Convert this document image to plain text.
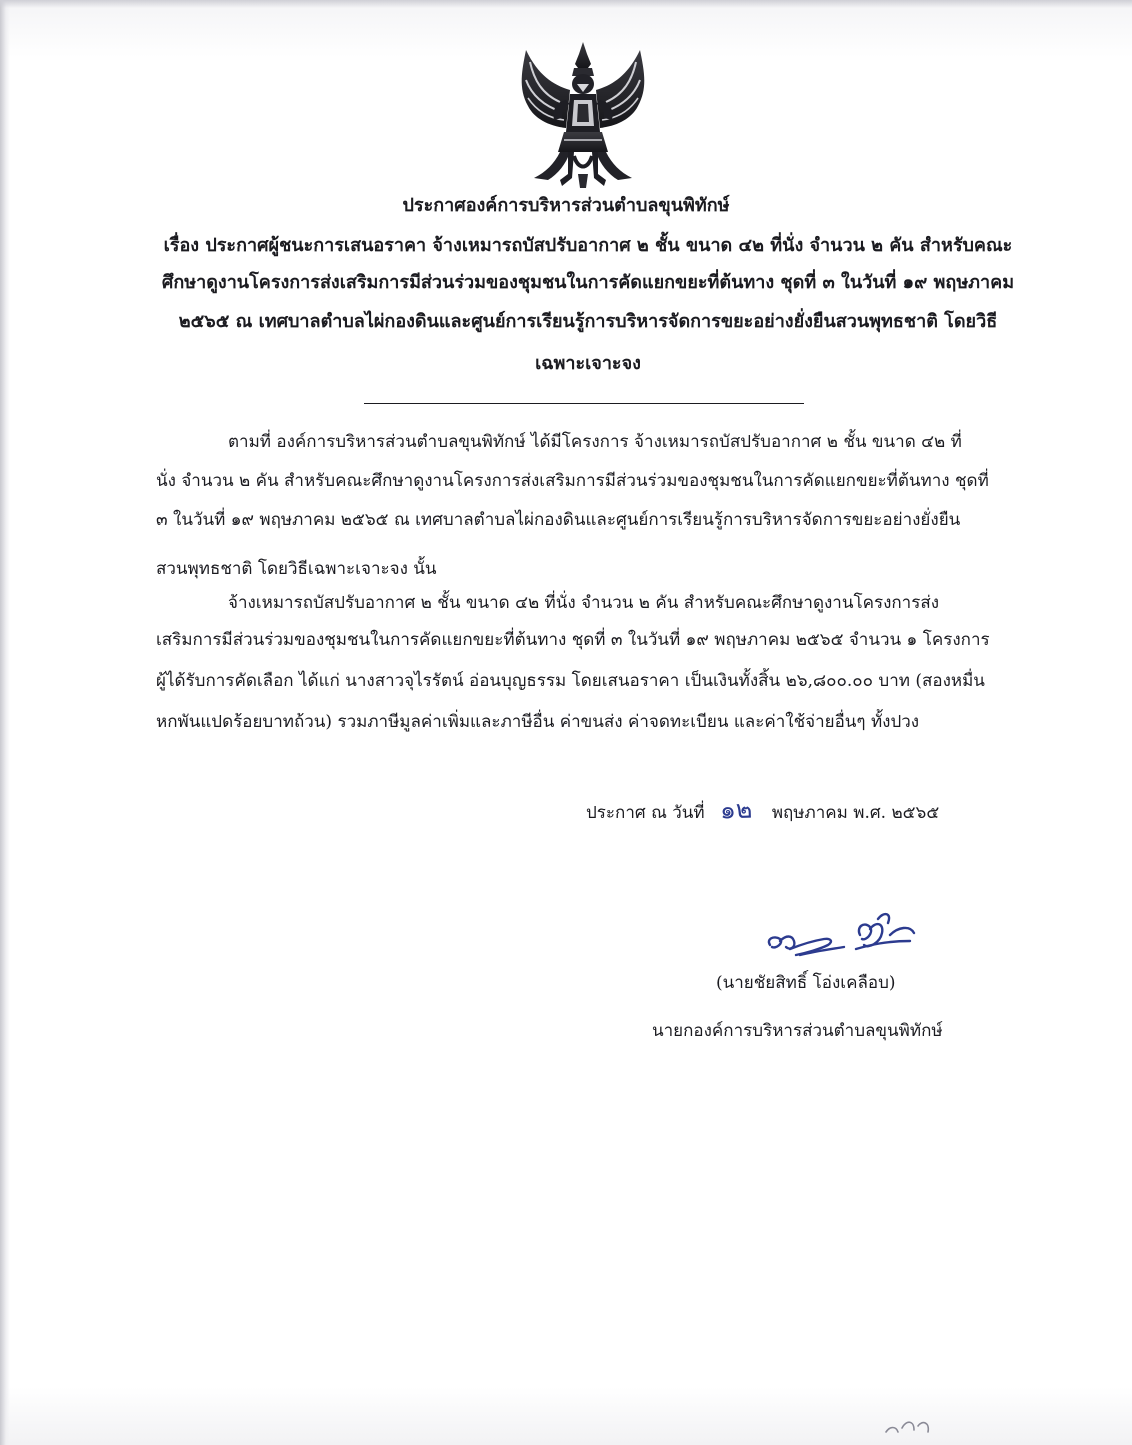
ประกาศองค์การบริหารส่วนตำบลขุนพิทักษ์
เรื่อง ประกาศผู้ชนะการเสนอราคา จ้างเหมารถบัสปรับอากาศ ๒ ชั้น ขนาด ๔๒ ที่นั่ง จำนวน ๒ คัน สำหรับคณะ
ศึกษาดูงานโครงการส่งเสริมการมีส่วนร่วมของชุมชนในการคัดแยกขยะที่ต้นทาง ชุดที่ ๓ ในวันที่ ๑๙ พฤษภาคม
๒๕๖๕ ณ เทศบาลตำบลไผ่กองดินและศูนย์การเรียนรู้การบริหารจัดการขยะอย่างยั่งยืนสวนพุทธชาติ โดยวิธี
เฉพาะเจาะจง
ตามที่ องค์การบริหารส่วนตำบลขุนพิทักษ์ ได้มีโครงการ จ้างเหมารถบัสปรับอากาศ ๒ ชั้น ขนาด ๔๒ ที่
นั่ง จำนวน ๒ คัน สำหรับคณะศึกษาดูงานโครงการส่งเสริมการมีส่วนร่วมของชุมชนในการคัดแยกขยะที่ต้นทาง ชุดที่
๓ ในวันที่ ๑๙ พฤษภาคม ๒๕๖๕ ณ เทศบาลตำบลไผ่กองดินและศูนย์การเรียนรู้การบริหารจัดการขยะอย่างยั่งยืน
สวนพุทธชาติ โดยวิธีเฉพาะเจาะจง นั้น
จ้างเหมารถบัสปรับอากาศ ๒ ชั้น ขนาด ๔๒ ที่นั่ง จำนวน ๒ คัน สำหรับคณะศึกษาดูงานโครงการส่ง
เสริมการมีส่วนร่วมของชุมชนในการคัดแยกขยะที่ต้นทาง ชุดที่ ๓ ในวันที่ ๑๙ พฤษภาคม ๒๕๖๕ จำนวน ๑ โครงการ
ผู้ได้รับการคัดเลือก ได้แก่ นางสาวจุไรรัตน์ อ่อนบุญธรรม โดยเสนอราคา เป็นเงินทั้งสิ้น ๒๖,๘๐๐.๐๐ บาท (สองหมื่น
หกพันแปดร้อยบาทถ้วน) รวมภาษีมูลค่าเพิ่มและภาษีอื่น ค่าขนส่ง ค่าจดทะเบียน และค่าใช้จ่ายอื่นๆ ทั้งปวง
ประกาศ ณ วันที่ ๑๒ พฤษภาคม พ.ศ. ๒๕๖๕
(นายชัยสิทธิ์ โอ่งเคลือบ)
นายกองค์การบริหารส่วนตำบลขุนพิทักษ์
